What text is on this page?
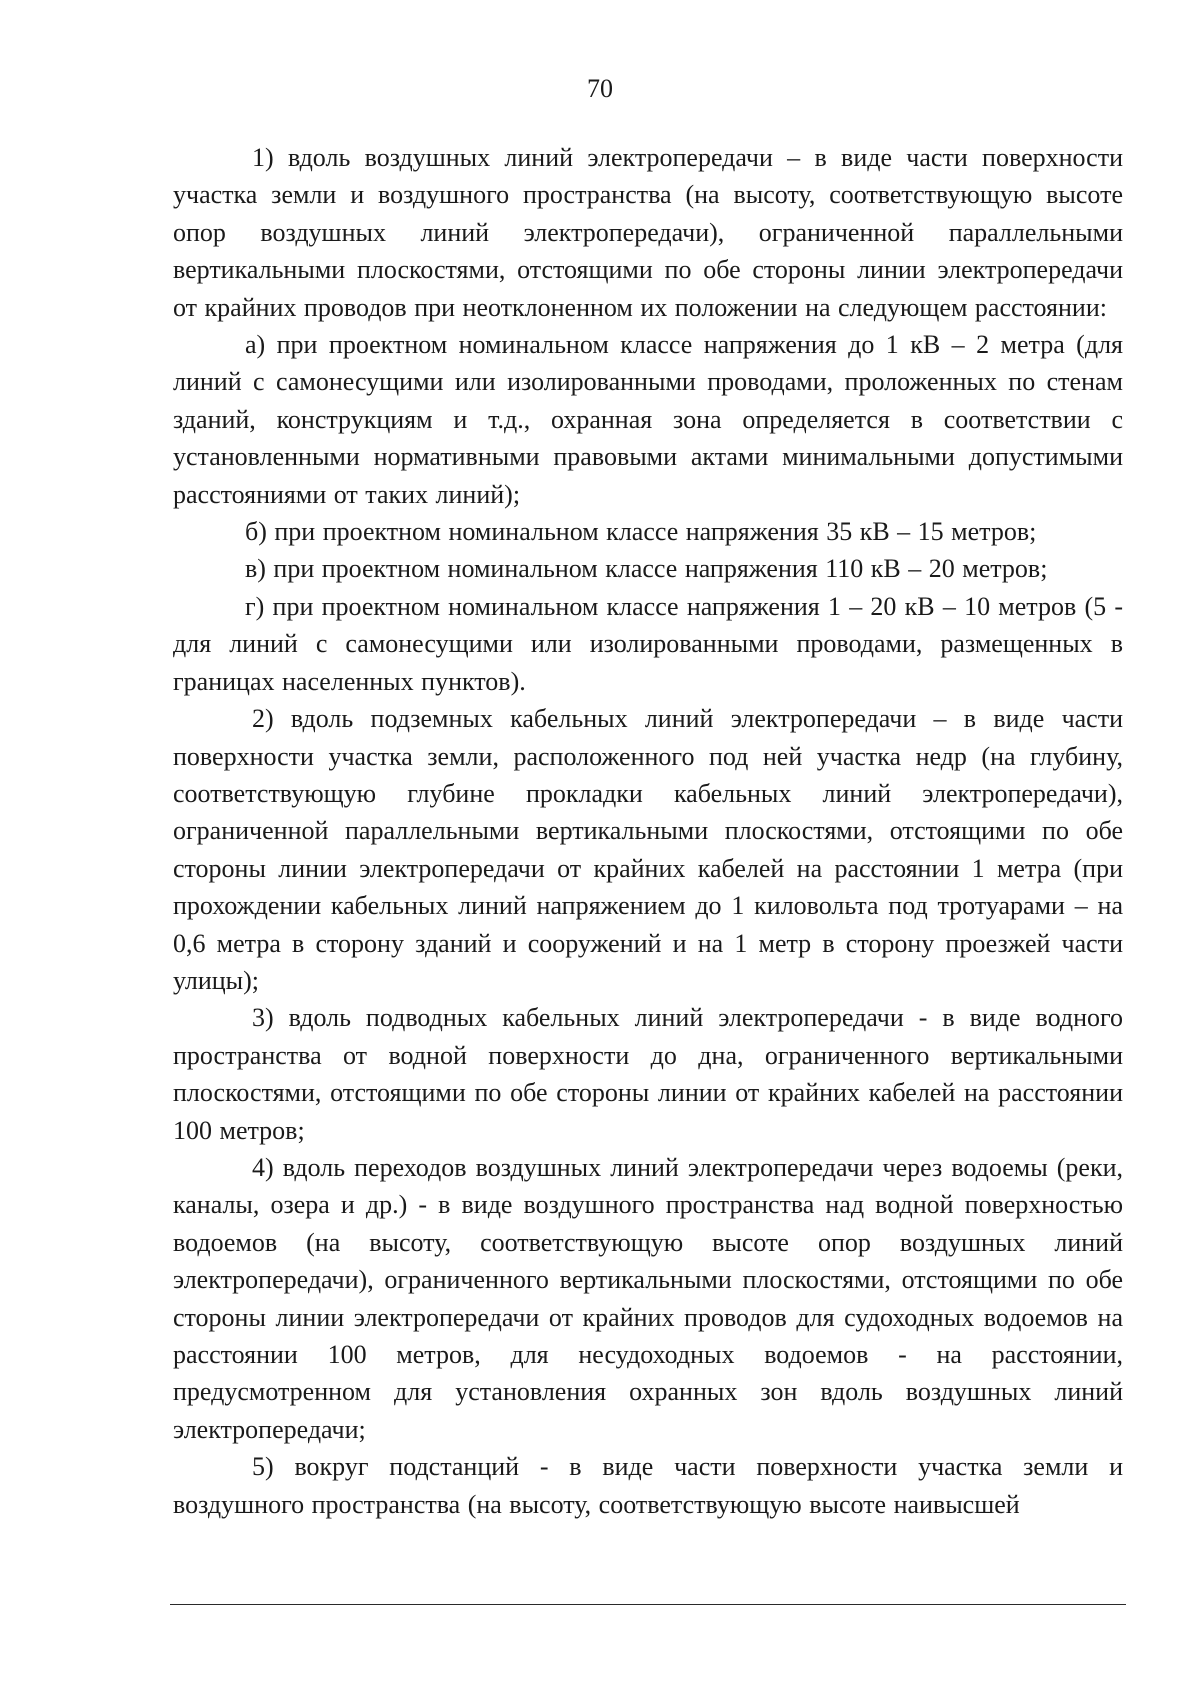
70

1) вдоль воздушных линий электропередачи – в виде части поверхности участка земли и воздушного пространства (на высоту, соответствующую высоте опор воздушных линий электропередачи), ограниченной параллельными вертикальными плоскостями, отстоящими по обе стороны линии электропередачи от крайних проводов при неотклоненном их положении на следующем расстоянии:

а) при проектном номинальном классе напряжения до 1 кВ – 2 метра (для линий с самонесущими или изолированными проводами, проложенных по стенам зданий, конструкциям и т.д., охранная зона определяется в соответствии с установленными нормативными правовыми актами минимальными допустимыми расстояниями от таких линий);

б) при проектном номинальном классе напряжения 35 кВ – 15 метров;

в) при проектном номинальном классе напряжения 110 кВ – 20 метров;

г) при проектном номинальном классе напряжения 1 – 20 кВ – 10 метров (5 - для линий с самонесущими или изолированными проводами, размещенных в границах населенных пунктов).

2) вдоль подземных кабельных линий электропередачи – в виде части поверхности участка земли, расположенного под ней участка недр (на глубину, соответствующую глубине прокладки кабельных линий электропередачи), ограниченной параллельными вертикальными плоскостями, отстоящими по обе стороны линии электропередачи от крайних кабелей на расстоянии 1 метра (при прохождении кабельных линий напряжением до 1 киловольта под тротуарами – на 0,6 метра в сторону зданий и сооружений и на 1 метр в сторону проезжей части улицы);

3) вдоль подводных кабельных линий электропередачи - в виде водного пространства от водной поверхности до дна, ограниченного вертикальными плоскостями, отстоящими по обе стороны линии от крайних кабелей на расстоянии 100 метров;

4) вдоль переходов воздушных линий электропередачи через водоемы (реки, каналы, озера и др.) - в виде воздушного пространства над водной поверхностью водоемов (на высоту, соответствующую высоте опор воздушных линий электропередачи), ограниченного вертикальными плоскостями, отстоящими по обе стороны линии электропередачи от крайних проводов для судоходных водоемов на расстоянии 100 метров, для несудоходных водоемов - на расстоянии, предусмотренном для установления охранных зон вдоль воздушных линий электропередачи;

5) вокруг подстанций - в виде части поверхности участка земли и воздушного пространства (на высоту, соответствующую высоте наивысшей
